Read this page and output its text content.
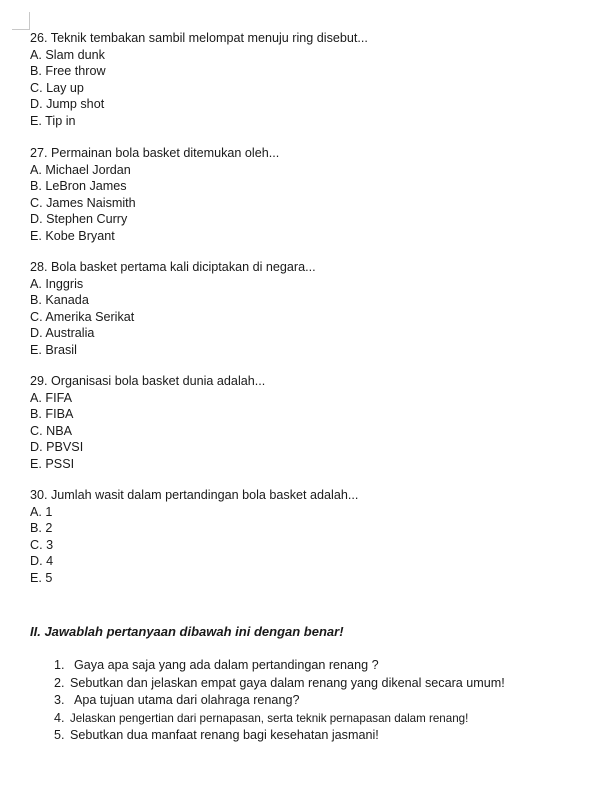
26. Teknik tembakan sambil melompat menuju ring disebut...
A. Slam dunk
B. Free throw
C. Lay up
D. Jump shot
E. Tip in
27. Permainan bola basket ditemukan oleh...
A. Michael Jordan
B. LeBron James
C. James Naismith
D. Stephen Curry
E. Kobe Bryant
28. Bola basket pertama kali diciptakan di negara...
A. Inggris
B. Kanada
C. Amerika Serikat
D. Australia
E. Brasil
29. Organisasi bola basket dunia adalah...
A. FIFA
B. FIBA
C. NBA
D. PBVSI
E. PSSI
30. Jumlah wasit dalam pertandingan bola basket adalah...
A. 1
B. 2
C. 3
D. 4
E. 5
II. Jawablah pertanyaan dibawah ini dengan benar!
1. Gaya apa saja yang ada dalam pertandingan renang ?
2. Sebutkan dan jelaskan empat gaya dalam renang yang dikenal secara umum!
3. Apa tujuan utama dari olahraga renang?
4. Jelaskan pengertian dari pernapasan, serta teknik pernapasan dalam renang!
5. Sebutkan dua manfaat renang bagi kesehatan jasmani!
